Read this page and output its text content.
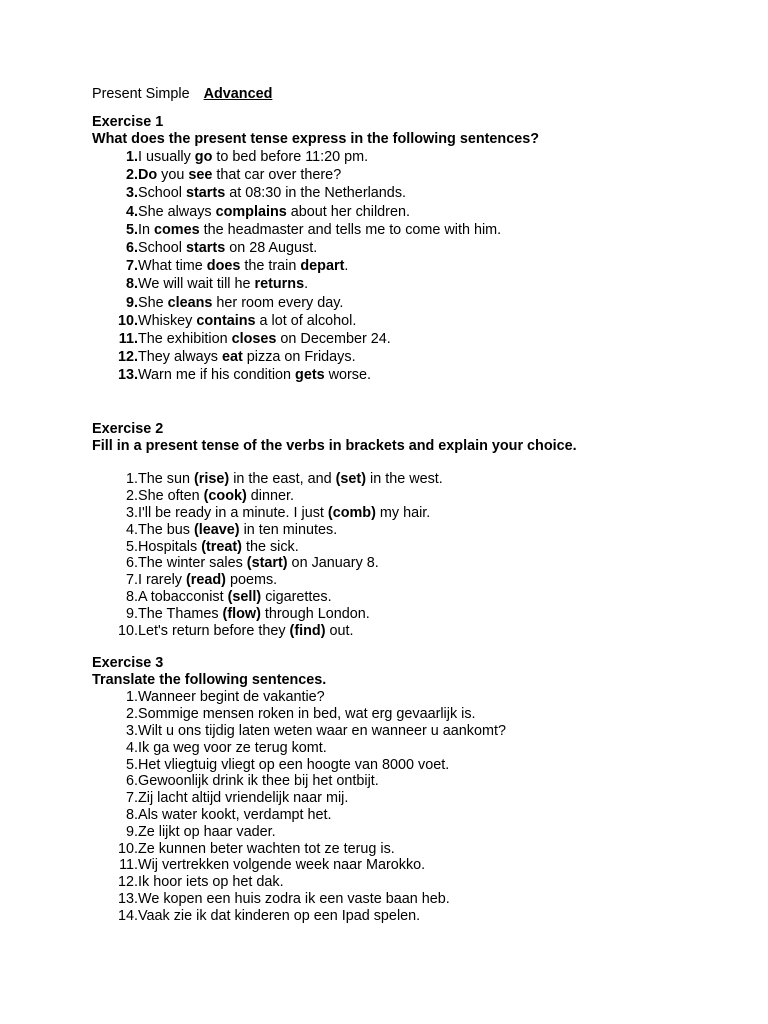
Present Simple Advanced
Exercise 1
What does the present tense express in the following sentences?
1. I usually go to bed before 11:20 pm.
2. Do you see that car over there?
3. School starts at 08:30 in the Netherlands.
4. She always complains about her children.
5. In comes the headmaster and tells me to come with him.
6. School starts on 28 August.
7. What time does the train depart.
8. We will wait till he returns.
9. She cleans her room every day.
10. Whiskey contains a lot of alcohol.
11. The exhibition closes on December 24.
12. They always eat pizza on Fridays.
13. Warn me if his condition gets worse.
Exercise 2
Fill in a present tense of the verbs in brackets and explain your choice.
1. The sun (rise) in the east, and (set) in the west.
2. She often (cook) dinner.
3. I'll be ready in a minute. I just (comb) my hair.
4. The bus (leave) in ten minutes.
5. Hospitals (treat) the sick.
6. The winter sales (start) on January 8.
7. I rarely (read) poems.
8. A tobacconist (sell) cigarettes.
9. The Thames (flow) through London.
10. Let's return before they (find) out.
Exercise 3
Translate the following sentences.
1. Wanneer begint de vakantie?
2. Sommige mensen roken in bed, wat erg gevaarlijk is.
3. Wilt u ons tijdig laten weten waar en wanneer u aankomt?
4. Ik ga weg voor ze terug komt.
5. Het vliegtuig vliegt op een hoogte van 8000 voet.
6. Gewoonlijk drink ik thee bij het ontbijt.
7. Zij lacht altijd vriendelijk naar mij.
8. Als water kookt, verdampt het.
9. Ze lijkt op haar vader.
10. Ze kunnen beter wachten tot ze terug is.
11. Wij vertrekken volgende week naar Marokko.
12. Ik hoor iets op het dak.
13. We kopen een huis zodra ik een vaste baan heb.
14. Vaak zie ik dat kinderen op een Ipad spelen.
